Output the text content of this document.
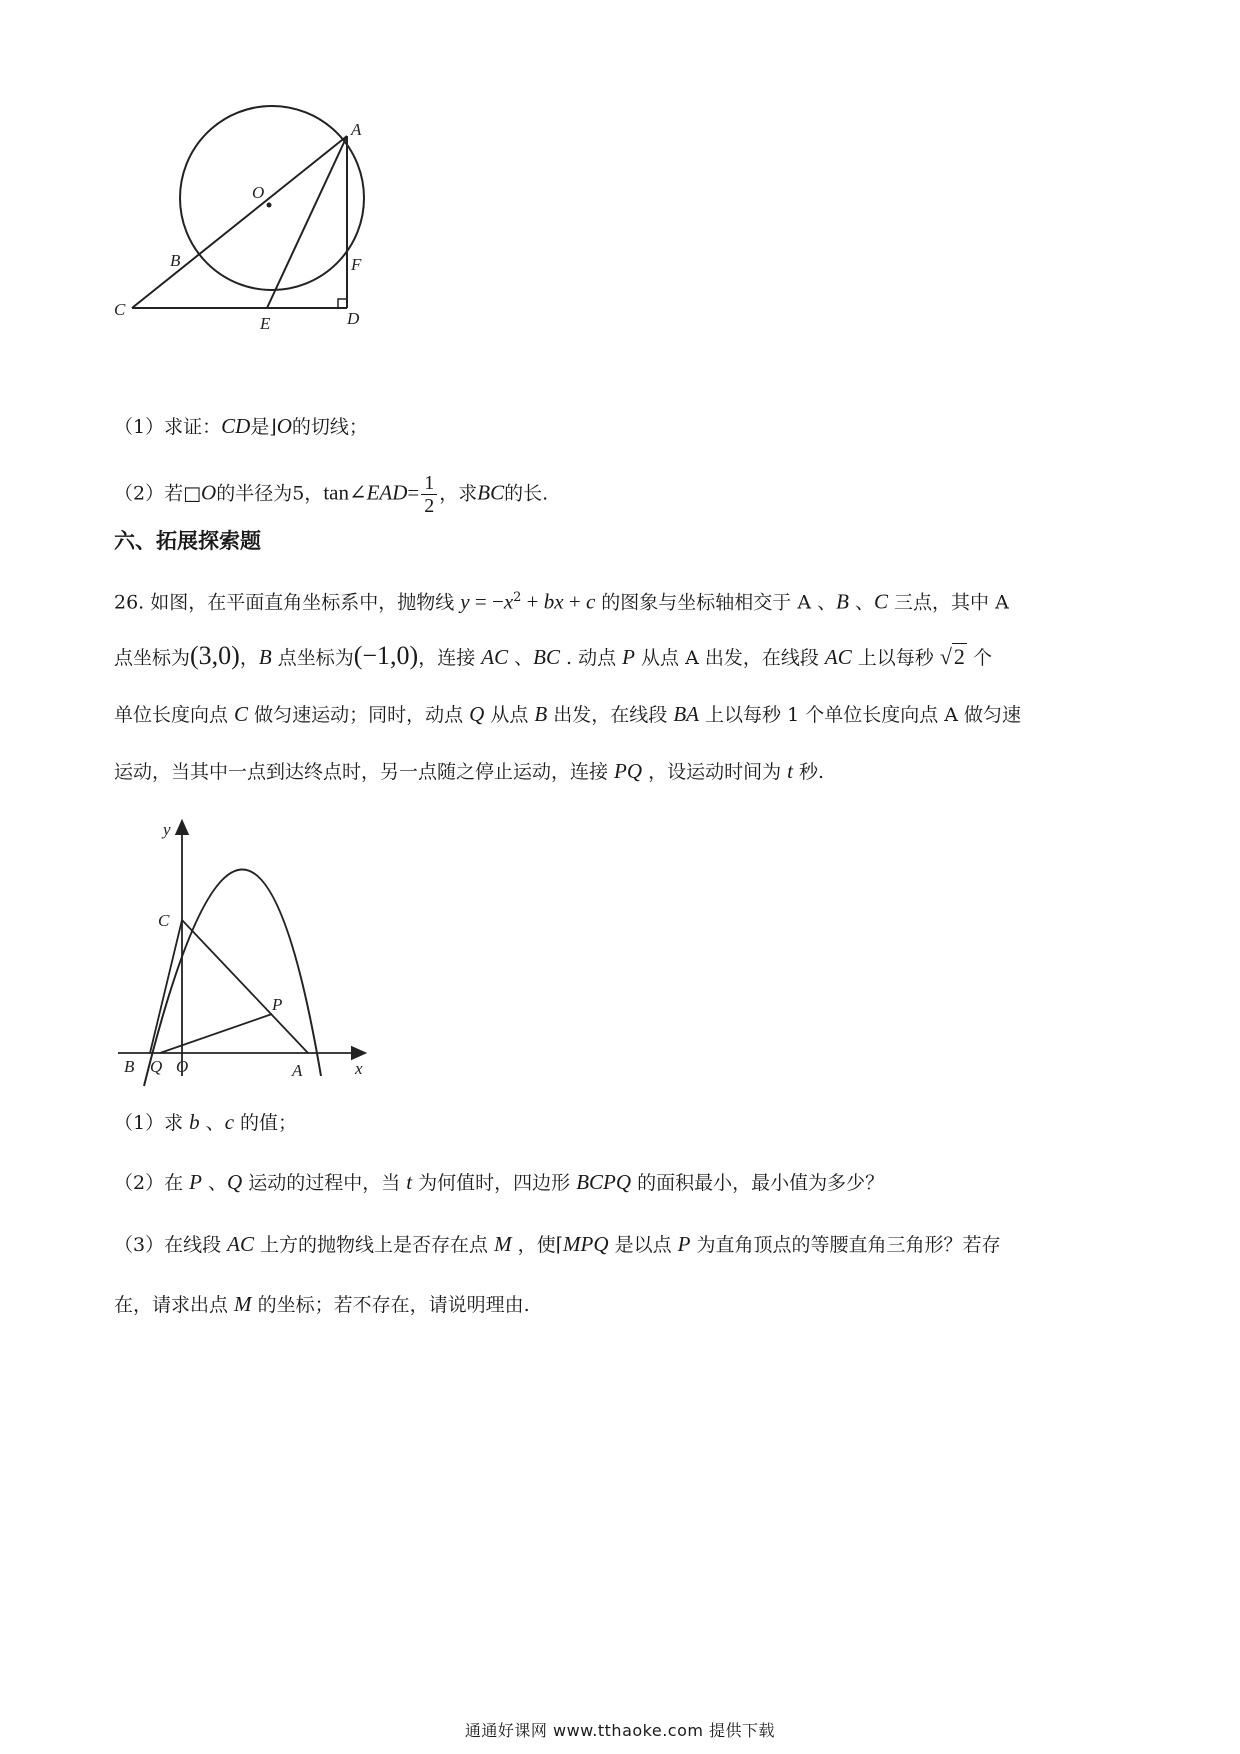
A
O
B	F
C
E	D
（1）求证：CD是⌋O的切线；
（2）若□O的半径为5，tan∠EAD= $\frac{1}{2}$ ，求BC的长.
六、拓展探索题
26. 如图，在平面直角坐标系中，抛物线 $y = -x^2$ + bx + c 的图象与坐标轴相交于 A 、B 、C 三点，其中 A
点坐标为(3,0)，B 点坐标为(−1,0)，连接 AC 、BC . 动点 P 从点 A 出发，在线段 AC 上以每秒 √2 个
单位长度向点 C 做匀速运动；同时，动点 Q 从点 B 出发，在线段 BA 上以每秒 1 个单位长度向点 A 做匀速
运动，当其中一点到达终点时，另一点随之停止运动，连接 PQ ，设运动时间为 t 秒.
y
C
P
B Q O	A	x
（1）求 b 、c 的值；
（2）在 P 、Q 运动的过程中，当 t 为何值时，四边形 BCPQ 的面积最小，最小值为多少？
（3）在线段 AC 上方的抛物线上是否存在点 M ，使⌈MPQ 是以点 P 为直角顶点的等腰直角三角形？若存
在，请求出点 M 的坐标；若不存在，请说明理由.
通通好课网 www.tthaoke.com 提供下载
